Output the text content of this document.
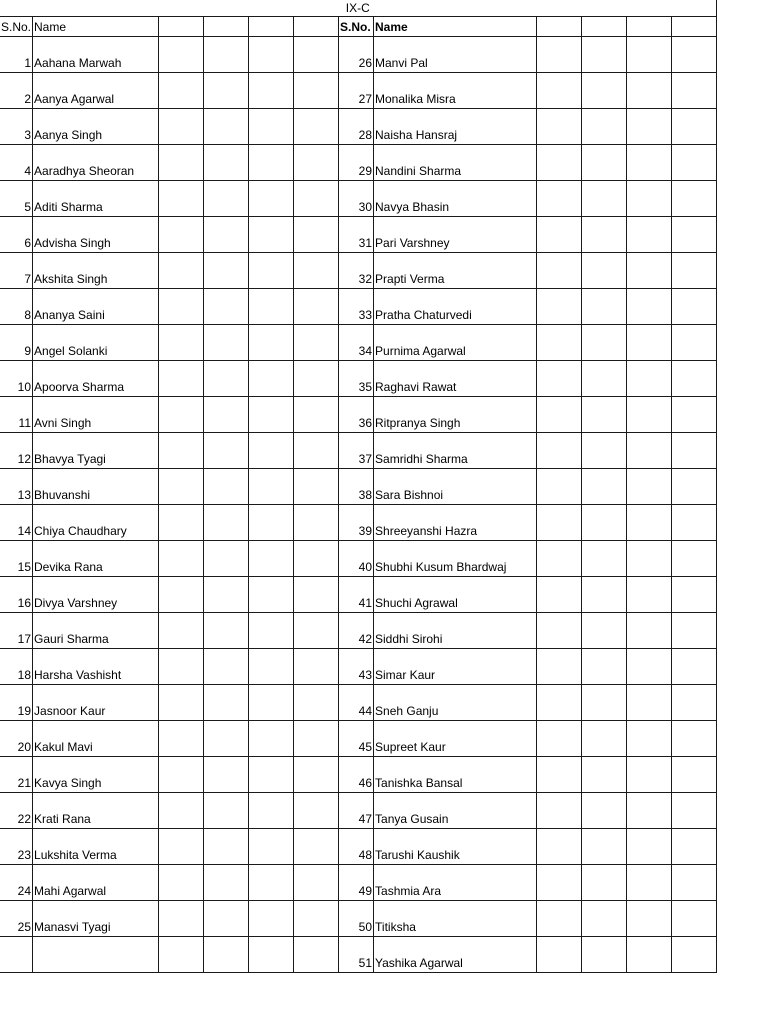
IX-C											
S.No.	Name					S.No.	Name				
1	Aahana Marwah					26	Manvi Pal				
2	Aanya Agarwal					27	Monalika Misra				
3	Aanya Singh					28	Naisha Hansraj				
4	Aaradhya Sheoran					29	Nandini Sharma				
5	Aditi Sharma					30	Navya Bhasin				
6	Advisha Singh					31	Pari Varshney				
7	Akshita Singh					32	Prapti Verma				
8	Ananya Saini					33	Pratha Chaturvedi				
9	Angel Solanki					34	Purnima Agarwal				
10	Apoorva Sharma					35	Raghavi Rawat				
11	Avni Singh					36	Ritpranya Singh				
12	Bhavya Tyagi					37	Samridhi Sharma				
13	Bhuvanshi					38	Sara Bishnoi				
14	Chiya Chaudhary					39	Shreeyanshi Hazra				
15	Devika Rana					40	Shubhi Kusum Bhardwaj				
16	Divya Varshney					41	Shuchi Agrawal				
17	Gauri Sharma					42	Siddhi Sirohi				
18	Harsha Vashisht					43	Simar Kaur				
19	Jasnoor Kaur					44	Sneh Ganju				
20	Kakul Mavi					45	Supreet Kaur				
21	Kavya Singh					46	Tanishka Bansal				
22	Krati Rana					47	Tanya Gusain				
23	Lukshita Verma					48	Tarushi Kaushik				
24	Mahi Agarwal					49	Tashmia Ara				
25	Manasvi Tyagi					50	Titiksha				
						51	Yashika Agarwal				
